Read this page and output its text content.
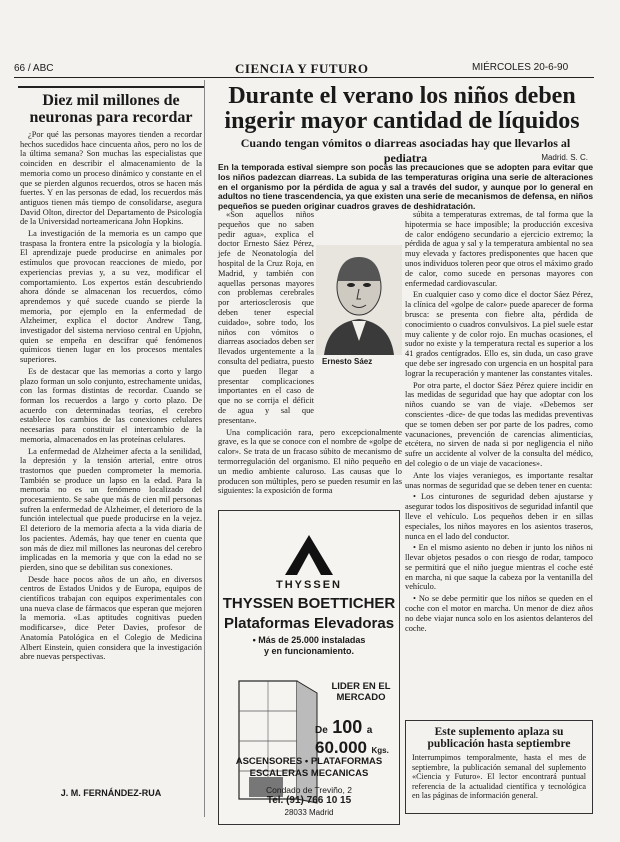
66 / ABC	CIENCIA Y FUTURO	MIÉRCOLES 20-6-90
Diez mil millones de neuronas para recordar

¿Por qué las personas mayores tienden a recordar hechos sucedidos hace cincuenta años, pero no los de la última semana? Son muchas las especialistas que coinciden en describir el almacenamiento de la memoria como un proceso dinámico y constante en el que se pierden algunos recuerdos, otros se hacen más fuertes. Y en las personas de edad, los recuerdos más antiguos tienen más tiempo de consolidarse, asegura David Olton, director del Departamento de Psicología de la Universidad norteamericana John Hopkins.

La investigación de la memoria es un campo que traspasa la frontera entre la psicología y la biología. El aprendizaje puede producirse en animales por estímulos que provocan reacciones de miedo, por experiencias previas y, a su vez, modificar el comportamiento. Los expertos están descubriendo ahora dónde se almacenan los recuerdos, cómo aprendemos y qué sucede cuando se pierde la memoria, por ejemplo en la enfermedad de Alzheimer, explica el doctor Andrew Tang, investigador del sistema nervioso central en Upjohn, quien se empeña en descifrar qué fenómenos químicos tienen lugar en los procesos mentales superiores.

Es de destacar que las memorias a corto y largo plazo forman un solo conjunto, estrechamente unidas, con las formas distintas de recordar. Cuando se forman los recuerdos a largo y corto plazo. De acuerdo con determinadas teorías, el cerebro establece los cambios de las conexiones celulares necesarias para constituir el intercambio de la memoria, almacenados en las proteínas celulares.

La enfermedad de Alzheimer afecta a la senilidad, la depresión y la tensión arterial, entre otros trastornos que pueden comprometer la memoria. También se produce un lapso en la edad. Para la memoria no es un fenómeno localizado del procesamiento. Se sabe que más de cien mil personas sufren la enfermedad de Alzheimer, el deterioro de la función intelectual que puede producirse en la vejez. El deterioro de la memoria afecta a la vida diaria de los pacientes. Además, hay que tener en cuenta que son más de diez mil millones las neuronas del cerebro implicadas en la memoria y que con la edad no se pierden, sino que se debilitan sus conexiones.

Desde hace pocos años de un año, en diversos centros de Estados Unidos y de Europa, equipos de científicos trabajan con equipos experimentales con una nueva clase de fármacos que esperan que mejoren la memoria. «Las aptitudes cognitivas pueden modificarse», dice Peter Davies, profesor de Anatomía Patológica en el Colegio de Medicina Albert Einstein, quien considera que la investigación abre nuevas perspectivas.

J. M. FERNÁNDEZ-RUA
Durante el verano los niños deben ingerir mayor cantidad de líquidos
Cuando tengan vómitos o diarreas asociadas hay que llevarlos al pediatra	Madrid. S. C.
En la temporada estival siempre son pocas las precauciones que se adopten para evitar que los niños padezcan diarreas. La subida de las temperaturas origina una serie de alteraciones en el organismo por la pérdida de agua y sal a través del sudor, y aunque por lo general en adultos no tiene trascendencia, ya que existen una serie de mecanismos de defensa, en niños pequeños se pueden originar cuadros graves de deshidratación.

«Son aquellos niños pequeños que no saben pedir agua», explica el doctor Ernesto Sáez Pérez, jefe de Neonatología del hospital de la Cruz Roja, en Madrid, y también con aquellas personas mayores con problemas cerebrales por arteriosclerosis que deben tener especial cuidado», sobre todo, los niños con vómitos o diarreas asociados deben ser llevados urgentemente a la consulta del pediatra, puesto que pueden llegar a presentar complicaciones importantes en el caso de que no se corrija el déficit de agua y sal que presentan».

Una complicación rara, pero excepcionalmente grave, es la que se conoce con el nombre de «golpe de calor». Se trata de un fracaso súbito de mecanismo de termorregulación del organismo. El niño pequeño en un medio ambiente caluroso. Las causas que lo producen son múltiples, pero se pueden resumir en las siguientes: la exposición de forma

Ernesto Sáez

súbita a temperaturas extremas, de tal forma que la hipotermia se hace imposible; la producción excesiva de calor endógeno secundario a ejercicio extremo; la pérdida de agua y sal y la temperatura ambiental no sea muy elevada y factores predisponentes que hacen que unos individuos toleren peor que otros el máximo grado de calor, como sucede en personas mayores con enfermedad cardiovascular.

En cualquier caso y como dice el doctor Sáez Pérez, la clínica del «golpe de calor» puede aparecer de forma brusca: se presenta con fiebre alta, pérdida de conocimiento o cuadros convulsivos. La piel suele estar muy caliente y de color rojo. En muchas ocasiones, el sudor no existe y la temperatura rectal es superior a los 41 grados centígrados. Ello es, sin duda, un caso grave que debe ser ingresado con urgencia en un hospital para lograr la recuperación y mantener las constantes vitales.

Por otra parte, el doctor Sáez Pérez quiere incidir en las medidas de seguridad que hay que adoptar con los niños cuando se van de viaje. «Debemos ser conscientes -dice- de que todas las medidas preventivas que se tomen deben ser por parte de los padres, como vacunaciones, prevención de carencias alimenticias, etcétera, no sirven de nada si por negligencia el niño sufre un accidente al volver de la consulta del médico, del colegio o de un viaje de vacaciones».

Ante los viajes veraniegos, es importante resaltar unas normas de seguridad que se deben tener en cuenta:

• Los cinturones de seguridad deben ajustarse y asegurar todos los dispositivos de seguridad infantil que lleve el vehículo. Los pequeños deben ir en sillas especiales, los niños mayores en los asientos traseros, nunca en el lado del conductor.

• En el mismo asiento no deben ir junto los niños ni llevar objetos pesados o con riesgo de rodar, tampoco se permitirá que el niño juegue mientras el coche esté en marcha, ni que saque la cabeza por la ventanilla del vehículo.

• No se debe permitir que los niños se queden en el coche con el motor en marcha. Un menor de diez años no debe viajar nunca solo en los asientos delanteros del coche.

THYSSEN
THYSSEN BOETTICHER
Plataformas Elevadoras
• Más de 25.000 instaladas
y en funcionamiento.
LIDER EN EL
MERCADO
De 100 a
60.000 Kgs.
ASCENSORES • PLATAFORMAS
ESCALERAS MECANICAS
Condado de Treviño, 2
Tel. (91) 766 10 15
28033 Madrid
Este suplemento aplaza su publicación hasta septiembre
Interrumpimos temporalmente, hasta el mes de septiembre, la publicación semanal del suplemento «Ciencia y Futuro». El lector encontrará puntual referencia de la actualidad científica y tecnológica en las páginas de información general.
